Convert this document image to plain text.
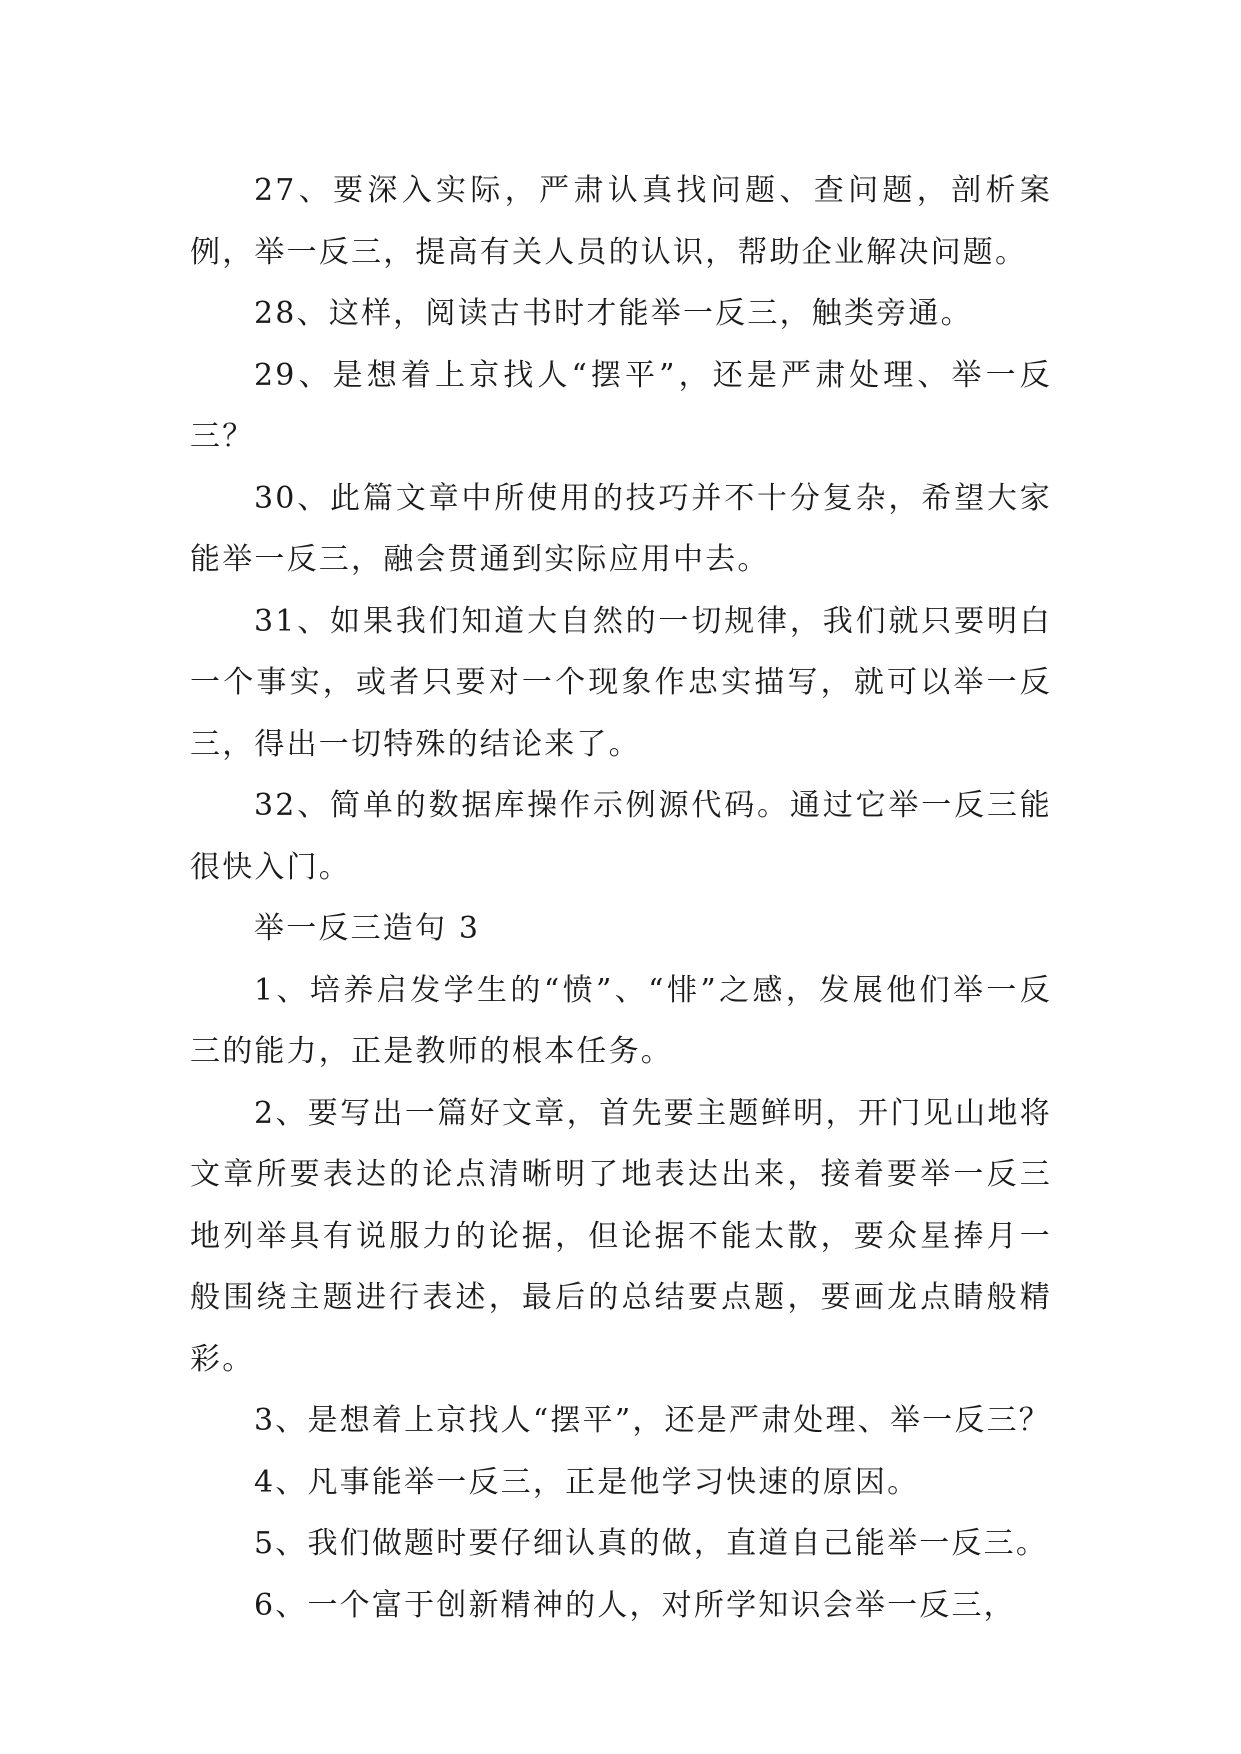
27、要深入实际，严肃认真找问题、查问题，剖析案例，举一反三，提高有关人员的认识，帮助企业解决问题。

28、这样，阅读古书时才能举一反三，触类旁通。

29、是想着上京找人“摆平”，还是严肃处理、举一反三？

30、此篇文章中所使用的技巧并不十分复杂，希望大家能举一反三，融会贯通到实际应用中去。

31、如果我们知道大自然的一切规律，我们就只要明白一个事实，或者只要对一个现象作忠实描写，就可以举一反三，得出一切特殊的结论来了。

32、简单的数据库操作示例源代码。通过它举一反三能很快入门。

举一反三造句 3

1、培养启发学生的“愤”、“悱”之感，发展他们举一反三的能力，正是教师的根本任务。

2、要写出一篇好文章，首先要主题鲜明，开门见山地将文章所要表达的论点清晰明了地表达出来，接着要举一反三地列举具有说服力的论据，但论据不能太散，要众星捧月一般围绕主题进行表述，最后的总结要点题，要画龙点睛般精彩。

3、是想着上京找人“摆平”，还是严肃处理、举一反三？

4、凡事能举一反三，正是他学习快速的原因。

5、我们做题时要仔细认真的做，直道自己能举一反三。

6、一个富于创新精神的人，对所学知识会举一反三，
